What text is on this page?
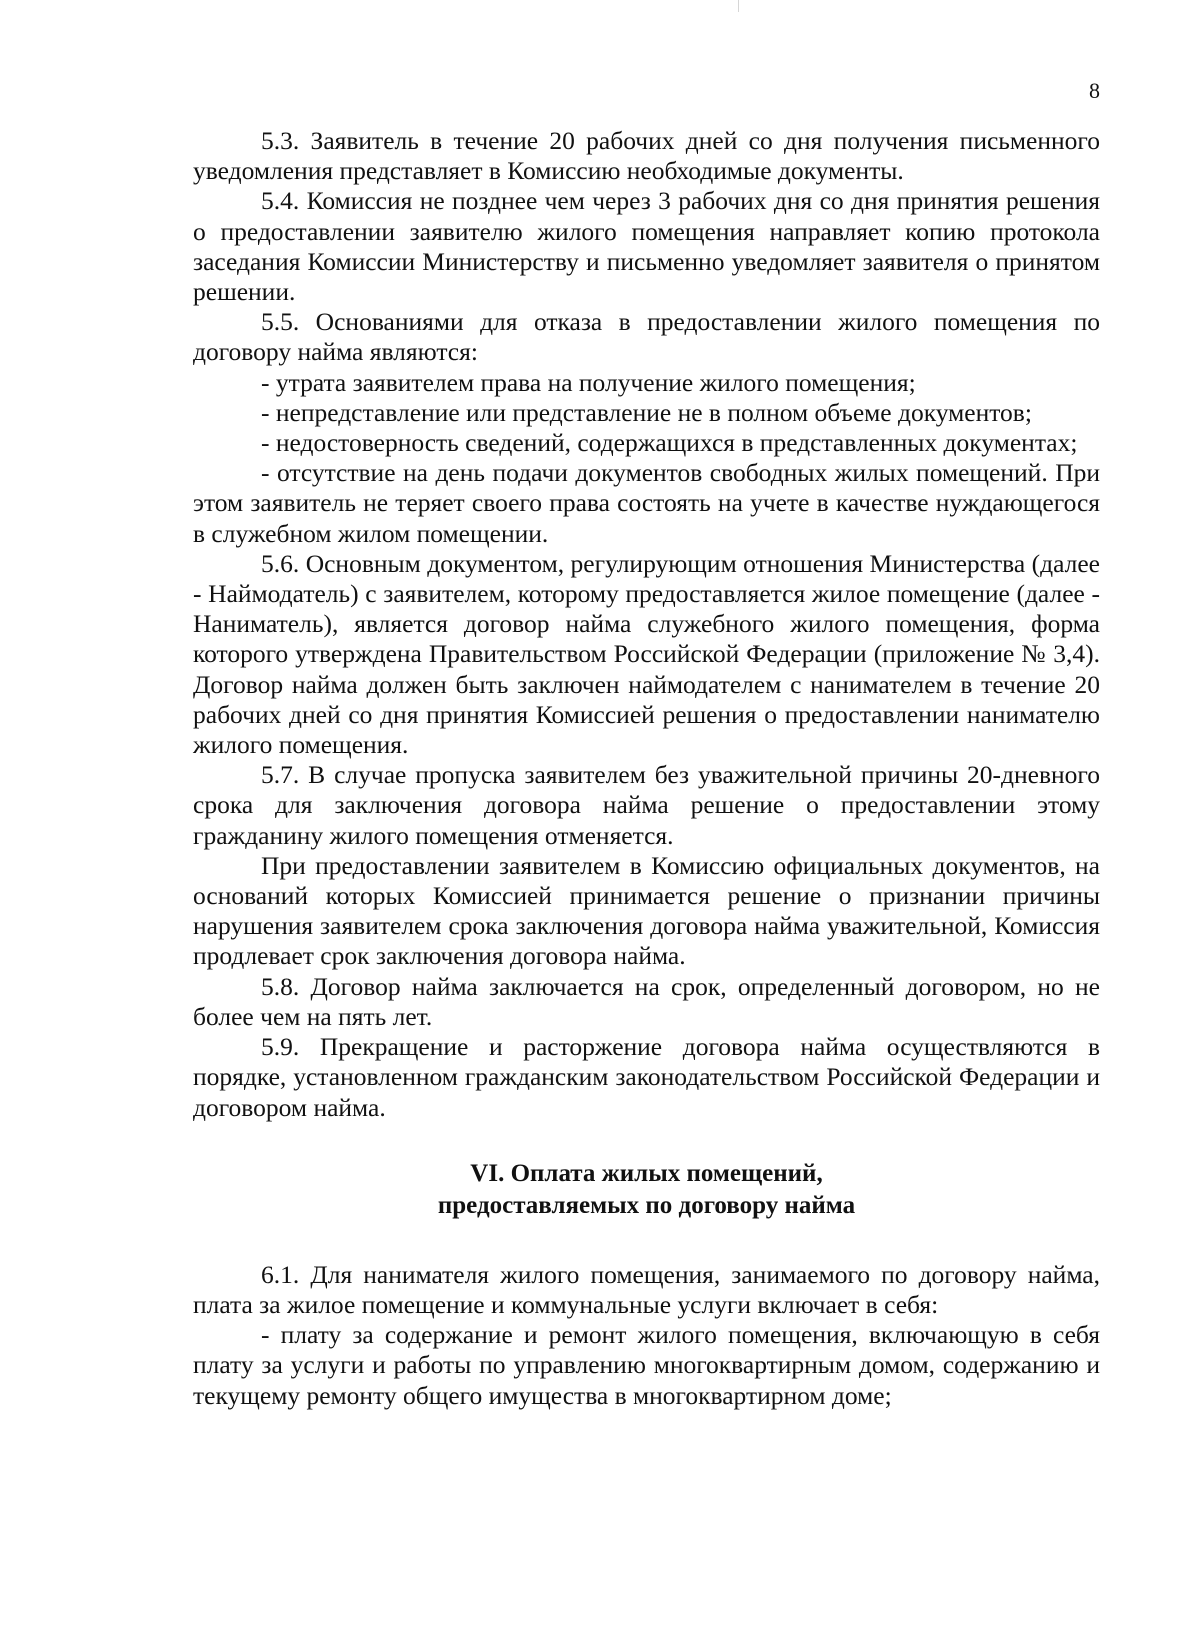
8

5.3. Заявитель в течение 20 рабочих дней со дня получения письменного уведомления представляет в Комиссию необходимые документы.

5.4. Комиссия не позднее чем через 3 рабочих дня со дня принятия решения о предоставлении заявителю жилого помещения направляет копию протокола заседания Комиссии Министерству и письменно уведомляет заявителя о принятом решении.

5.5. Основаниями для отказа в предоставлении жилого помещения по договору найма являются:

- утрата заявителем права на получение жилого помещения;

- непредставление или представление не в полном объеме документов;

- недостоверность сведений, содержащихся в представленных документах;

- отсутствие на день подачи документов свободных жилых помещений. При этом заявитель не теряет своего права состоять на учете в качестве нуждающегося в служебном жилом помещении.

5.6. Основным документом, регулирующим отношения Министерства (далее - Наймодатель) с заявителем, которому предоставляется жилое помещение (далее - Наниматель), является договор найма служебного жилого помещения, форма которого утверждена Правительством Российской Федерации (приложение № 3,4). Договор найма должен быть заключен наймодателем с нанимателем в течение 20 рабочих дней со дня принятия Комиссией решения о предоставлении нанимателю жилого помещения.

5.7. В случае пропуска заявителем без уважительной причины 20-дневного срока для заключения договора найма решение о предоставлении этому гражданину жилого помещения отменяется.

При предоставлении заявителем в Комиссию официальных документов, на оснований которых Комиссией принимается решение о признании причины нарушения заявителем срока заключения договора найма уважительной, Комиссия продлевает срок заключения договора найма.

5.8. Договор найма заключается на срок, определенный договором, но не более чем на пять лет.

5.9. Прекращение и расторжение договора найма осуществляются в порядке, установленном гражданским законодательством Российской Федерации и договором найма.

VI. Оплата жилых помещений,
предоставляемых по договору найма

6.1. Для нанимателя жилого помещения, занимаемого по договору найма, плата за жилое помещение и коммунальные услуги включает в себя:

- плату за содержание и ремонт жилого помещения, включающую в себя плату за услуги и работы по управлению многоквартирным домом, содержанию и текущему ремонту общего имущества в многоквартирном доме;
